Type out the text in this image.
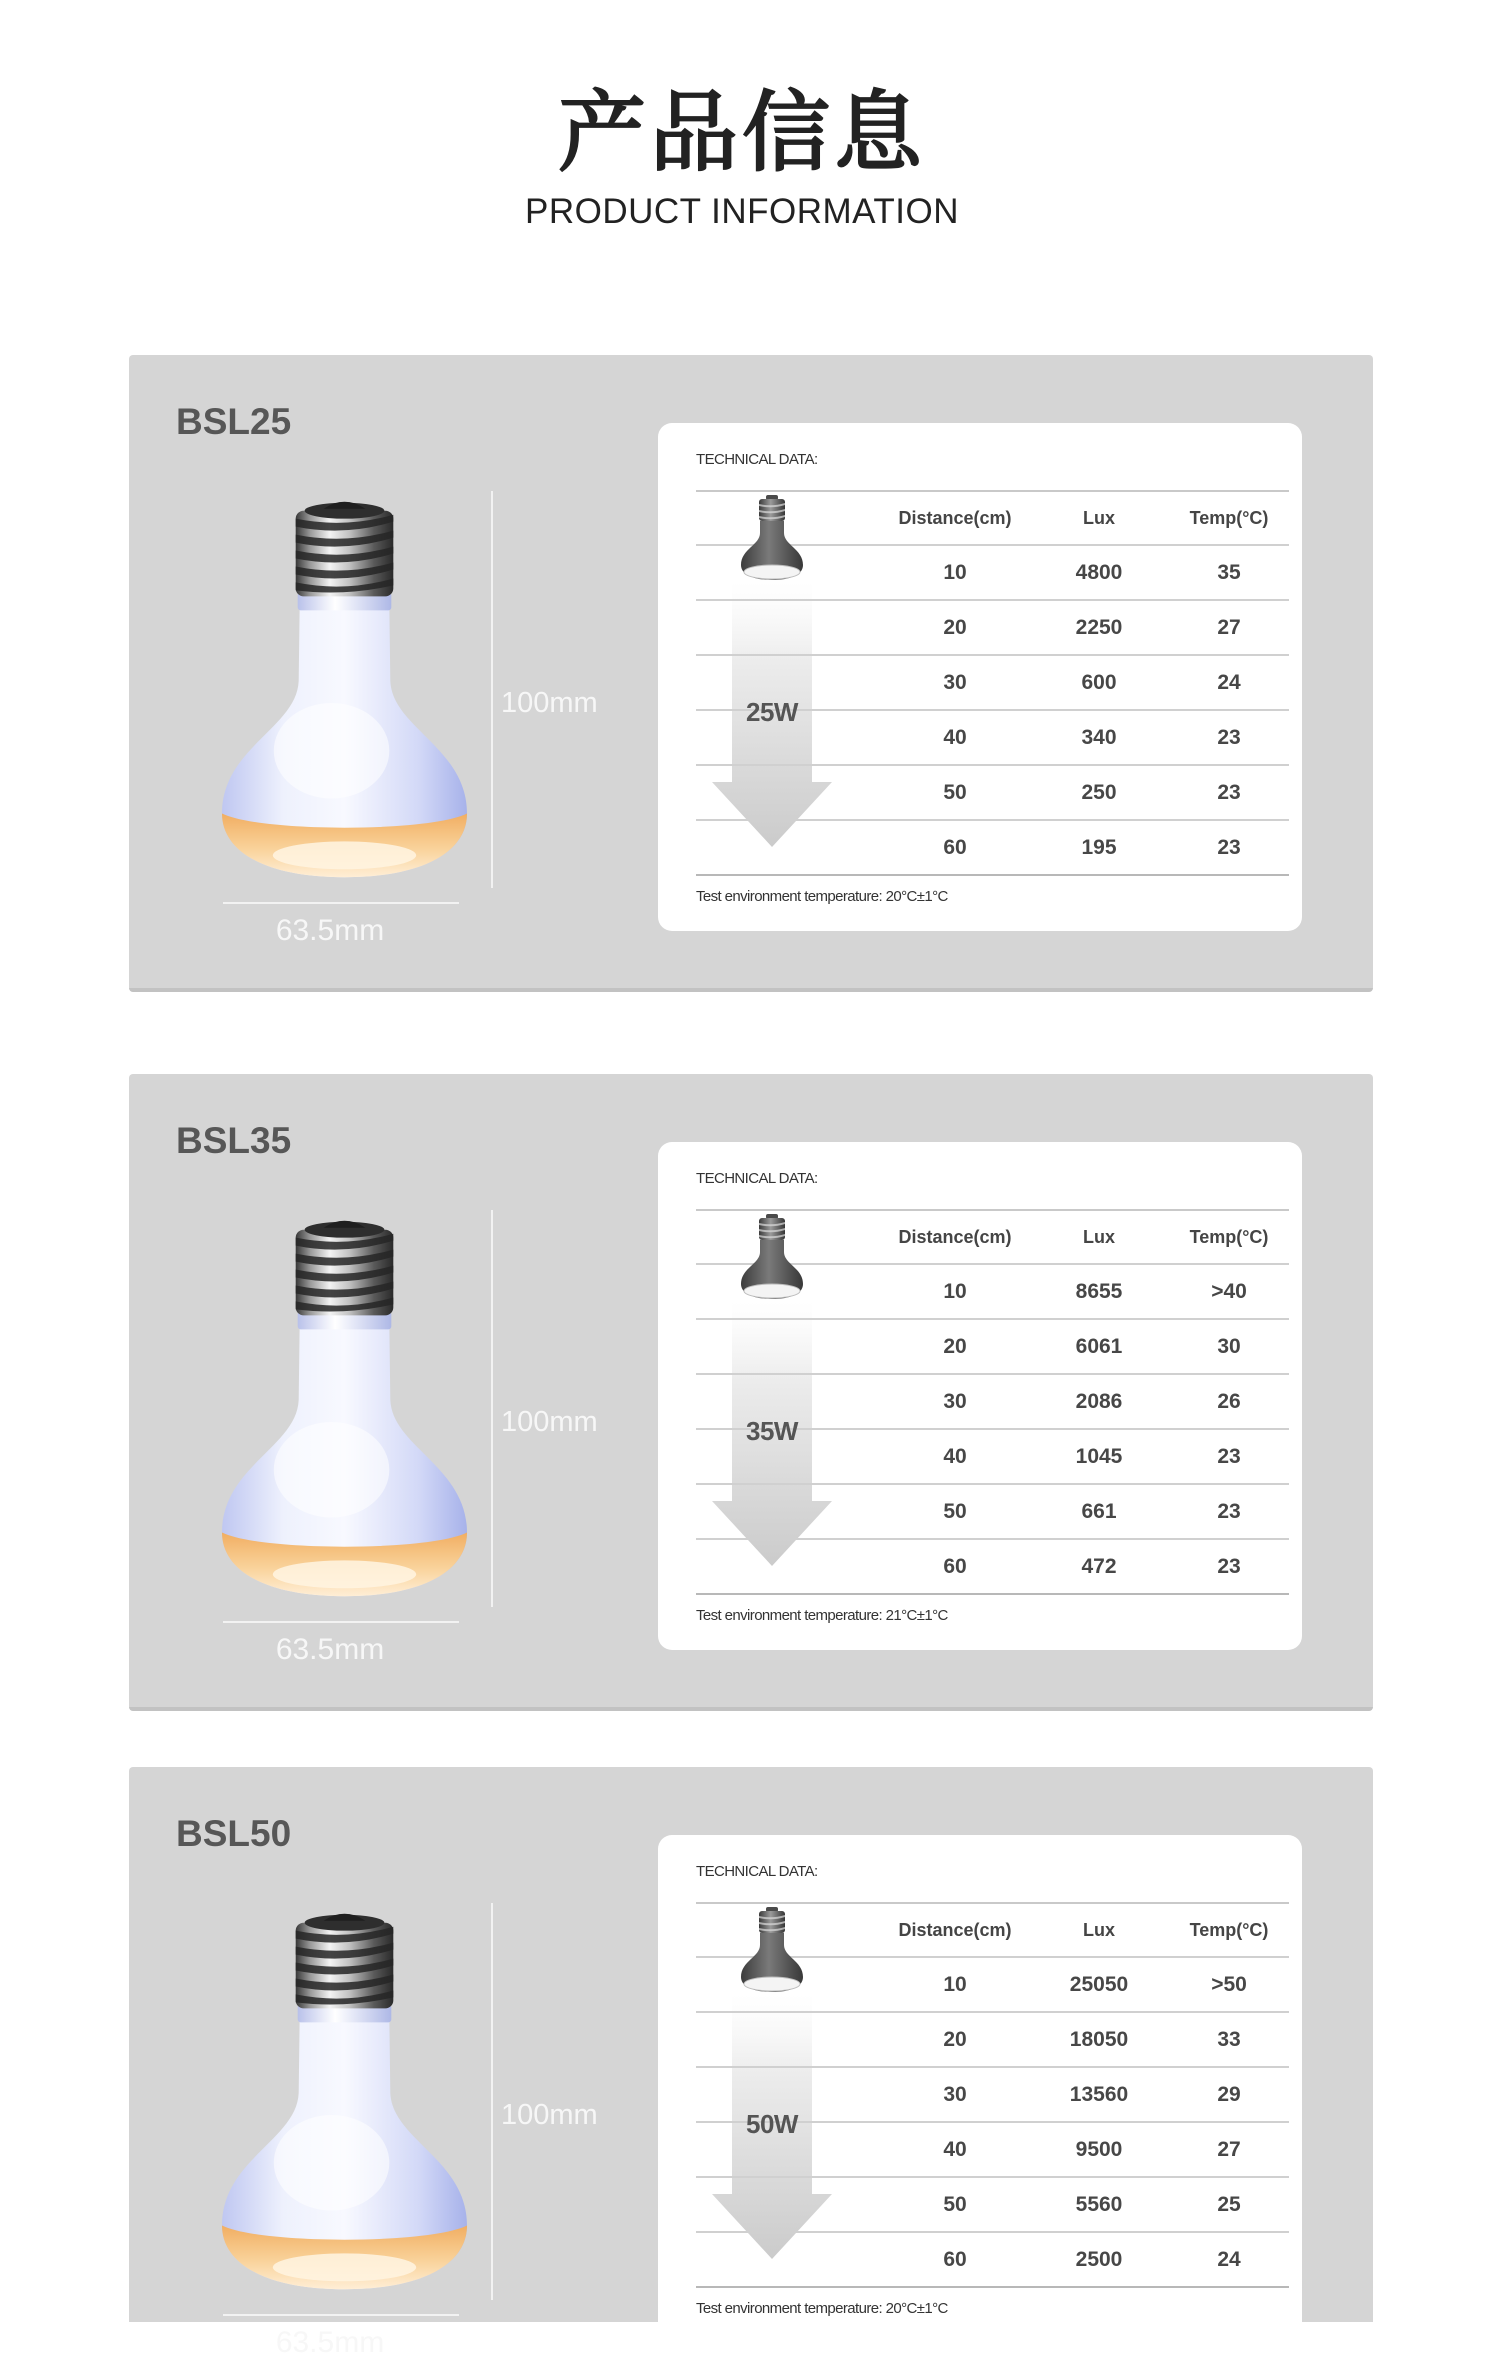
产品信息
PRODUCT INFORMATION
BSL25
100mm
63.5mm
TECHNICAL DATA:
25W
Distance(cm)	Lux	Temp(°C)
10	4800	35
20	2250	27
30	600	24
40	340	23
50	250	23
60	195	23
Test environment temperature: 20°C±1°C
BSL35
100mm
63.5mm
TECHNICAL DATA:
35W
Distance(cm)	Lux	Temp(°C)
10	8655	>40
20	6061	30
30	2086	26
40	1045	23
50	661	23
60	472	23
Test environment temperature: 21°C±1°C
BSL50
100mm
63.5mm
TECHNICAL DATA:
50W
Distance(cm)	Lux	Temp(°C)
10	25050	>50
20	18050	33
30	13560	29
40	9500	27
50	5560	25
60	2500	24
Test environment temperature: 20°C±1°C
